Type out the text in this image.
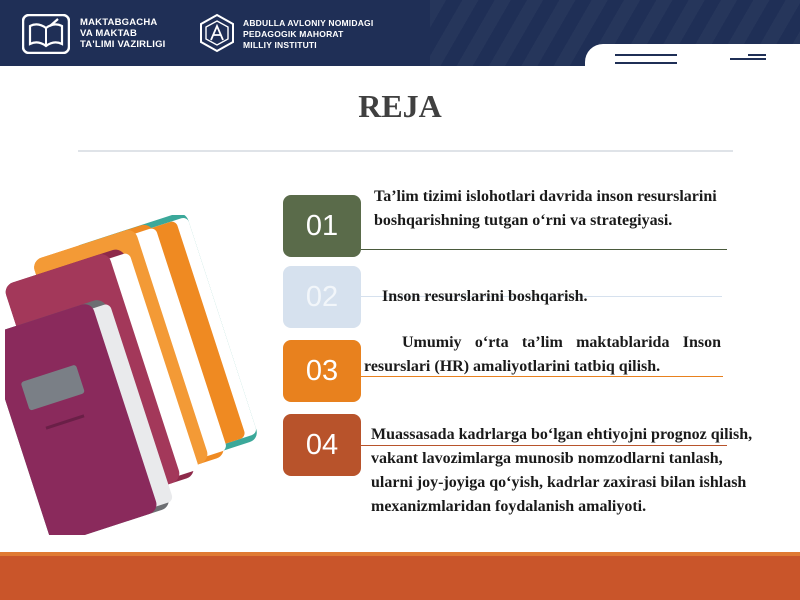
MAKTABGACHA
VA MAKTAB
TA'LIMI VAZIRLIGI
ABDULLA AVLONIY NOMIDAGI
PEDAGOGIK MAHORAT
MILLIY INSTITUTI
REJA
01
02
03
04
Ta’lim tizimi islohotlari davrida inson resurslarini boshqarishning tutgan o‘rni va strategiyasi.
Inson resurslarini boshqarish.
Umumiy o‘rta ta’lim maktablarida Inson resurslari (HR) amaliyotlarini tatbiq qilish.
Muassasada kadrlarga bo‘lgan ehtiyojni prognoz qilish, vakant lavozimlarga munosib nomzodlarni tanlash, ularni joy-joyiga qo‘yish, kadrlar zaxirasi bilan ishlash mexanizmlaridan foydalanish amaliyoti.
